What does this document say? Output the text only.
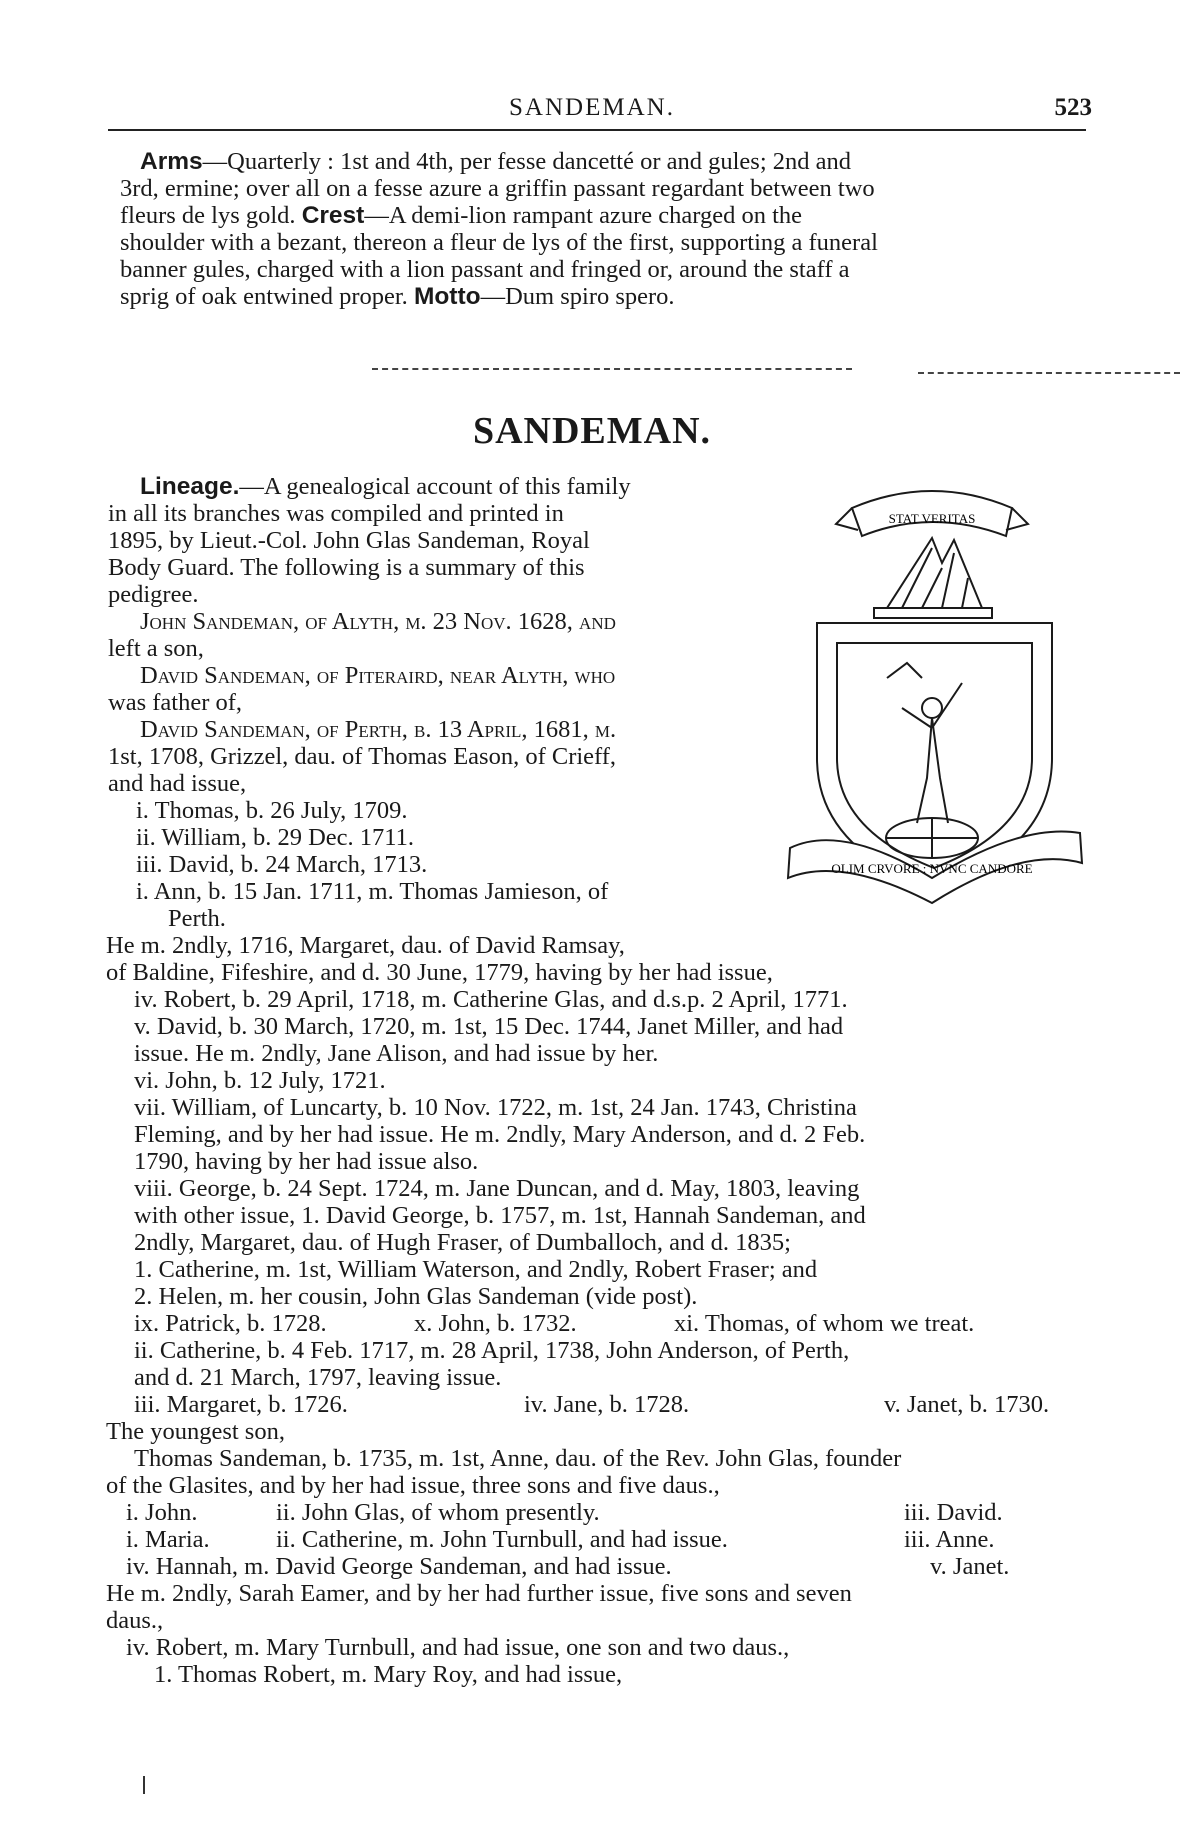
SANDEMAN.	523
Arms—Quarterly : 1st and 4th, per fesse dancetté or and gules; 2nd and
3rd, ermine; over all on a fesse azure a griffin passant regardant between two
fleurs de lys gold. Crest—A demi-lion rampant azure charged on the
shoulder with a bezant, thereon a fleur de lys of the first, supporting a funeral
banner gules, charged with a lion passant and fringed or, around the staff a
sprig of oak entwined proper. Motto—Dum spiro spero.
SANDEMAN.
STAT VERITAS
OLIM CRVORE : NVNC CANDORE
Lineage.—A genealogical account of this family
in all its branches was compiled and printed in
1895, by Lieut.-Col. John Glas Sandeman, Royal
Body Guard. The following is a summary of this
pedigree.
John Sandeman, of Alyth, m. 23 Nov. 1628, and
left a son,
David Sandeman, of Piteraird, near Alyth, who
was father of,
David Sandeman, of Perth, b. 13 April, 1681, m.
1st, 1708, Grizzel, dau. of Thomas Eason, of Crieff,
and had issue,
i. Thomas, b. 26 July, 1709.
ii. William, b. 29 Dec. 1711.
iii. David, b. 24 March, 1713.
i. Ann, b. 15 Jan. 1711, m. Thomas Jamieson, of
Perth.
He m. 2ndly, 1716, Margaret, dau. of David Ramsay,
of Baldine, Fifeshire, and d. 30 June, 1779, having by her had issue,
iv. Robert, b. 29 April, 1718, m. Catherine Glas, and d.s.p. 2 April, 1771.
v. David, b. 30 March, 1720, m. 1st, 15 Dec. 1744, Janet Miller, and had
issue. He m. 2ndly, Jane Alison, and had issue by her.
vi. John, b. 12 July, 1721.
vii. William, of Luncarty, b. 10 Nov. 1722, m. 1st, 24 Jan. 1743, Christina
Fleming, and by her had issue. He m. 2ndly, Mary Anderson, and d. 2 Feb.
1790, having by her had issue also.
viii. George, b. 24 Sept. 1724, m. Jane Duncan, and d. May, 1803, leaving
with other issue, 1. David George, b. 1757, m. 1st, Hannah Sandeman, and
2ndly, Margaret, dau. of Hugh Fraser, of Dumballoch, and d. 1835;
1. Catherine, m. 1st, William Waterson, and 2ndly, Robert Fraser; and
2. Helen, m. her cousin, John Glas Sandeman (vide post).
ix. Patrick, b. 1728.	x. John, b. 1732.	xi. Thomas, of whom we treat.
ii. Catherine, b. 4 Feb. 1717, m. 28 April, 1738, John Anderson, of Perth,
and d. 21 March, 1797, leaving issue.
iii. Margaret, b. 1726.	iv. Jane, b. 1728.	v. Janet, b. 1730.
The youngest son,
Thomas Sandeman, b. 1735, m. 1st, Anne, dau. of the Rev. John Glas, founder
of the Glasites, and by her had issue, three sons and five daus.,
i. John.	ii. John Glas, of whom presently.	iii. David.
i. Maria.	ii. Catherine, m. John Turnbull, and had issue.	iii. Anne.
iv. Hannah, m. David George Sandeman, and had issue.	v. Janet.
He m. 2ndly, Sarah Eamer, and by her had further issue, five sons and seven
daus.,
iv. Robert, m. Mary Turnbull, and had issue, one son and two daus.,
1. Thomas Robert, m. Mary Roy, and had issue,
